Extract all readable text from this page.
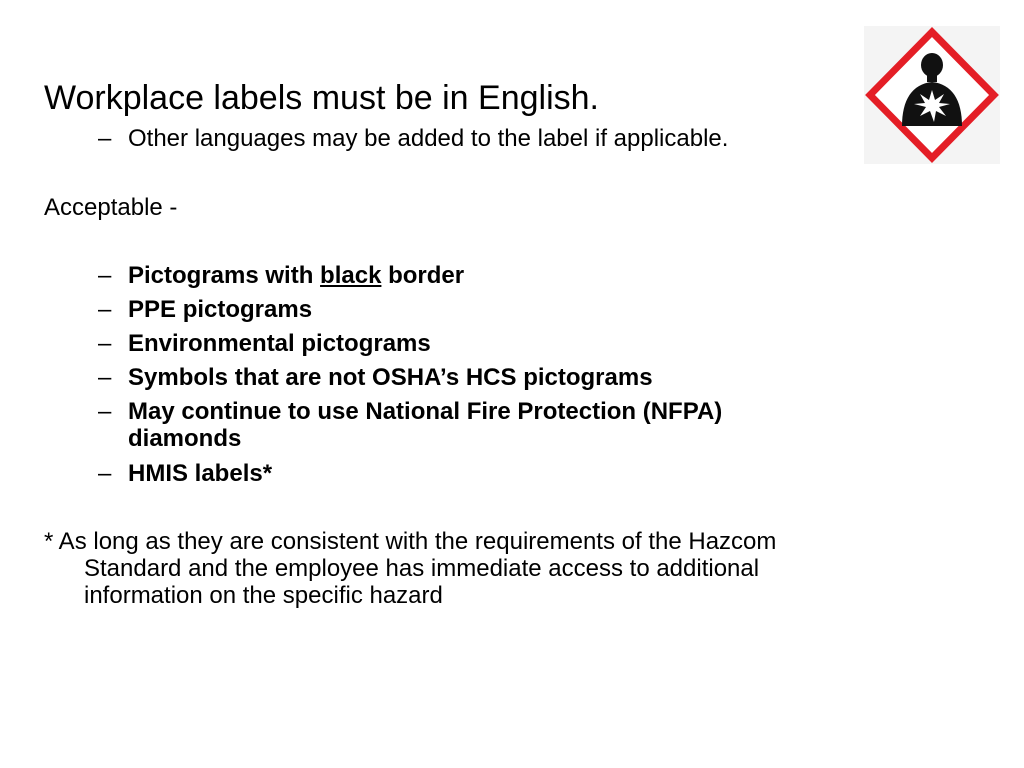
Workplace labels must be in English.
– Other languages may be added to the label if applicable.
Acceptable -
– Pictograms with black border
– PPE pictograms
– Environmental pictograms
– Symbols that are not OSHA’s HCS pictograms
– May continue to use National Fire Protection (NFPA)
diamonds
– HMIS labels*
* As long as they are consistent with the requirements of the Hazcom
Standard and the employee has immediate access to additional
information on the specific hazard
